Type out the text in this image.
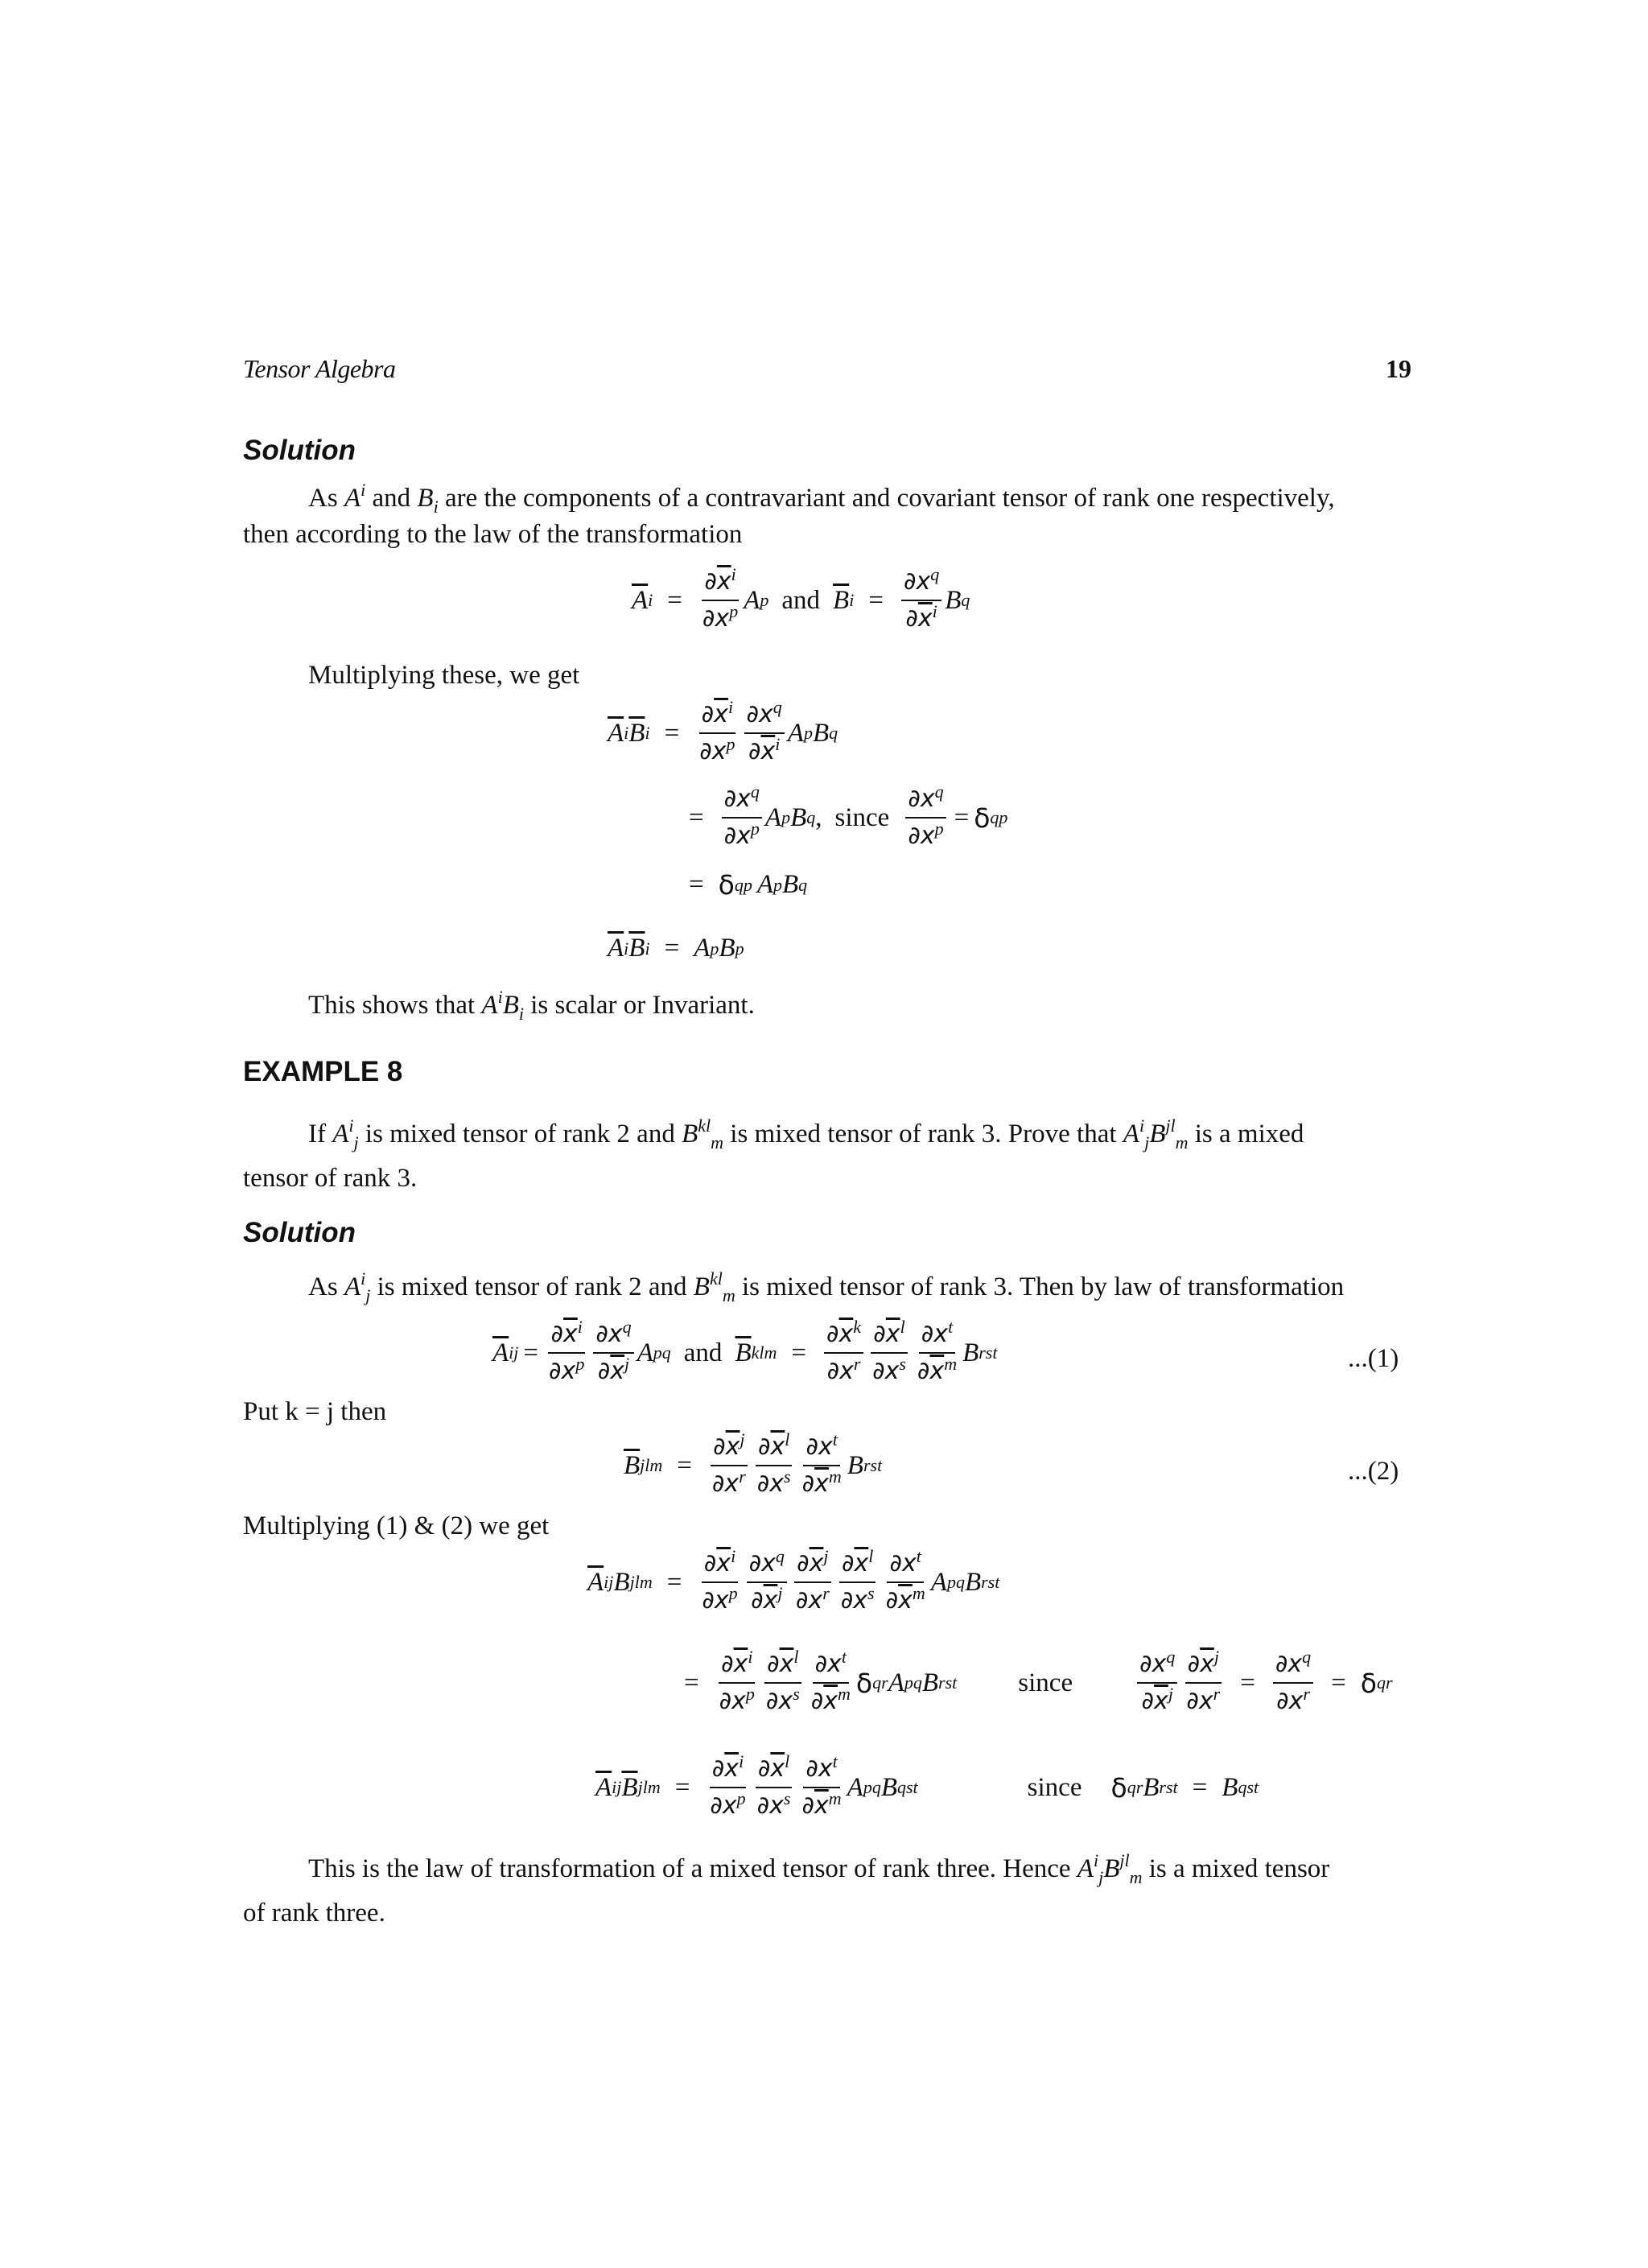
Tensor Algebra	19
Solution
As $A^i$ and $B_i$ are the components of a contravariant and covariant tensor of rank one respectively,
then according to the law of the transformation
$\overline{A}$ $i = \frac{\partial\overline{x}^i}{\partial x^p}$ A p and $\overline{B}$ $i = \frac{\partial x^q}{\partial\overline{x}^i}$ B q
Multiplying these, we get
$\overline{A}$ i $\overline{B}$ $i = \frac{\partial\overline{x}^i}{\partial x^p} \frac{\partial x^q}{\partial\overline{x}^i}$ A p B q
= $\frac{\partial x^q}{\partial x^p}$ A p B q , since $\frac{\partial x^q}{\partial x^p} = \delta$ q p
= δ q p A p B q
$\overline{A}$ i $\overline{B}$ i = A p B p
This shows that $A^iB_i$ is scalar or Invariant.
EXAMPLE 8
If $A^i_j$ is mixed tensor of rank 2 and $B^{kl}_m$ is mixed tensor of rank 3. Prove that $A^i_jB^{jl}_m$ is a mixed
tensor of rank 3.
Solution
As $A^i_j$ is mixed tensor of rank 2 and $B^{kl}_m$ is mixed tensor of rank 3. Then by law of transformation
$\overline{A}$ i $j = \frac{\partial\overline{x}^i}{\partial x^p} \frac{\partial x^q}{\partial\overline{x}^j}$ A p q and $\overline{B}$ kl $m = \frac{\partial\overline{x}^k}{\partial x^r} \frac{\partial\overline{x}^l}{\partial x^s} \frac{\partial x^t}{\partial\overline{x}^m}$ B rs t	...(1)
Put k = j then
$\overline{B}$ jl $m = \frac{\partial\overline{x}^j}{\partial x^r} \frac{\partial\overline{x}^l}{\partial x^s} \frac{\partial x^t}{\partial\overline{x}^m}$ B rs t	...(2)
Multiplying (1) & (2) we get
$\overline{A}$ i j B jl $m = \frac{\partial\overline{x}^i}{\partial x^p} \frac{\partial x^q}{\partial\overline{x}^j} \frac{\partial\overline{x}^j}{\partial x^r} \frac{\partial\overline{x}^l}{\partial x^s} \frac{\partial x^t}{\partial\overline{x}^m}$ A p q B rs t
= $\frac{\partial\overline{x}^i}{\partial x^p} \frac{\partial\overline{x}^l}{\partial x^s} \frac{\partial x^t}{\partial\overline{x}^m}$ δ q r A p q B rs t since	$\frac{\partial x^q}{\partial\overline{x}^j} \frac{\partial\overline{x}^j}{\partial x^r} = \frac{\partial x^q}{\partial x^r} = \delta$ q r
$\overline{A}$ i j $\overline{B}$ jl $m = \frac{\partial\overline{x}^i}{\partial x^p} \frac{\partial\overline{x}^l}{\partial x^s} \frac{\partial x^t}{\partial\overline{x}^m}$ A p q B qs t	since δ q r B rs t = B qs t
This is the law of transformation of a mixed tensor of rank three. Hence $A^i_jB^{jl}_m$ is a mixed tensor
of rank three.
